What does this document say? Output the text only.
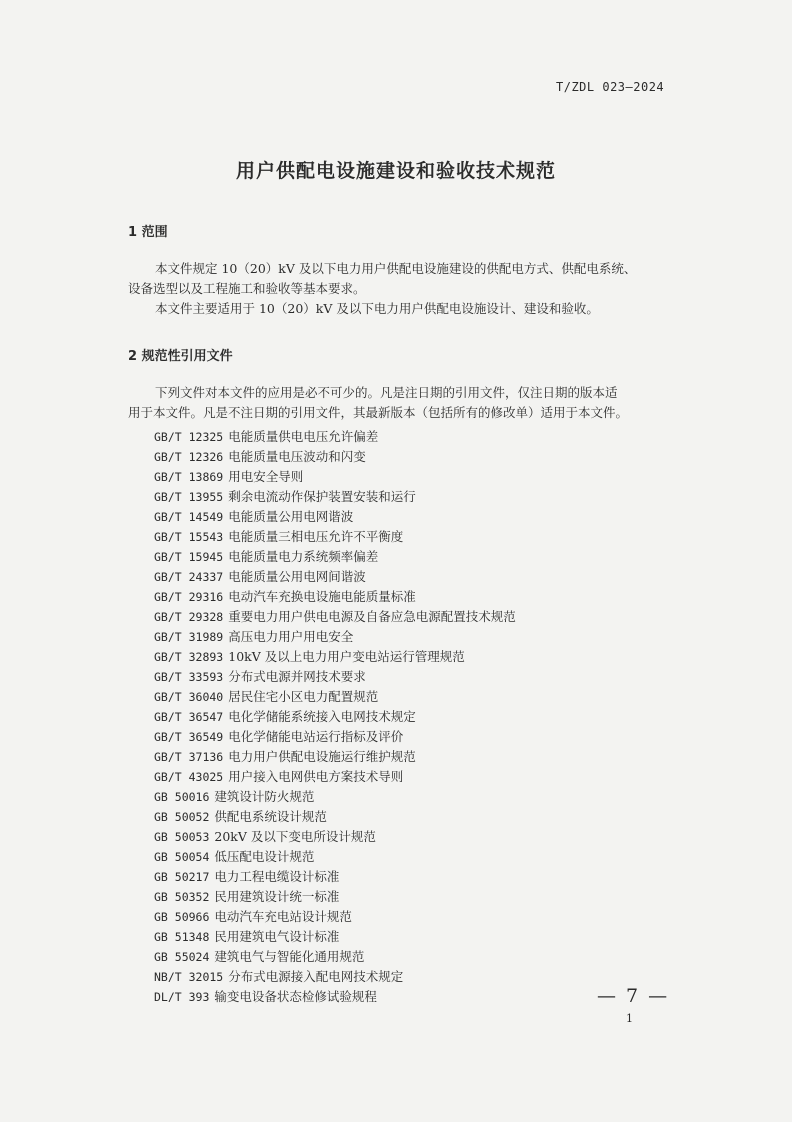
T/ZDL 023—2024
用户供配电设施建设和验收技术规范
1 范围

本文件规定 10（20）kV 及以下电力用户供配电设施建设的供配电方式、供配电系统、
设备选型以及工程施工和验收等基本要求。

本文件主要适用于 10（20）kV 及以下电力用户供配电设施设计、建设和验收。

2 规范性引用文件

下列文件对本文件的应用是必不可少的。凡是注日期的引用文件，仅注日期的版本适
用于本文件。凡是不注日期的引用文件，其最新版本（包括所有的修改单）适用于本文件。

GB/T 12325 电能质量供电电压允许偏差
GB/T 12326 电能质量电压波动和闪变
GB/T 13869 用电安全导则
GB/T 13955 剩余电流动作保护装置安装和运行
GB/T 14549 电能质量公用电网谐波
GB/T 15543 电能质量三相电压允许不平衡度
GB/T 15945 电能质量电力系统频率偏差
GB/T 24337 电能质量公用电网间谐波
GB/T 29316 电动汽车充换电设施电能质量标准
GB/T 29328 重要电力用户供电电源及自备应急电源配置技术规范
GB/T 31989 高压电力用户用电安全
GB/T 32893 10kV 及以上电力用户变电站运行管理规范
GB/T 33593 分布式电源并网技术要求
GB/T 36040 居民住宅小区电力配置规范
GB/T 36547 电化学储能系统接入电网技术规定
GB/T 36549 电化学储能电站运行指标及评价
GB/T 37136 电力用户供配电设施运行维护规范
GB/T 43025 用户接入电网供电方案技术导则
GB 50016 建筑设计防火规范
GB 50052 供配电系统设计规范
GB 50053 20kV 及以下变电所设计规范
GB 50054 低压配电设计规范
GB 50217 电力工程电缆设计标准
GB 50352 民用建筑设计统一标准
GB 50966 电动汽车充电站设计规范
GB 51348 民用建筑电气设计标准
GB 55024 建筑电气与智能化通用规范
NB/T 32015 分布式电源接入配电网技术规定
DL/T 393 输变电设备状态检修试验规程	— 7 —
1
